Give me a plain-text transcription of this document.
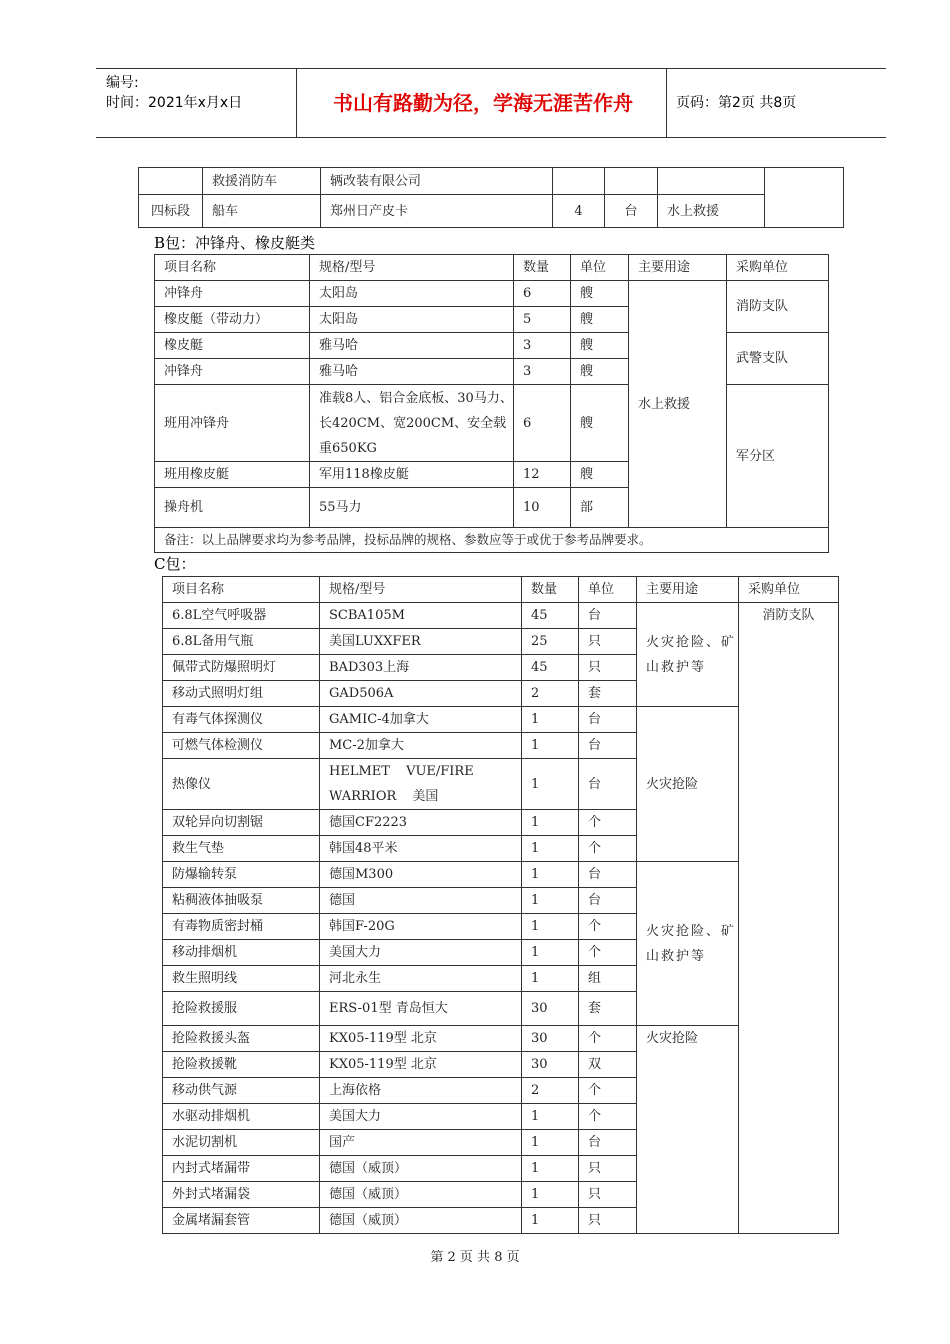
编号:
时间：2021年x月x日	书山有路勤为径，学海无涯苦作舟	页码：第2页 共8页
	救援消防车	辆改装有限公司				
四标段	船车	郑州日产皮卡	4	台	水上救援	
B包：冲锋舟、橡皮艇类
项目名称	规格/型号	数量	单位	主要用途	采购单位
冲锋舟	太阳岛	6	艘	水上救援	消防支队
橡皮艇（带动力）	太阳岛	5	艘		
橡皮艇	雅马哈	3	艘		武警支队
冲锋舟	雅马哈	3	艘		
班用冲锋舟	准载8人、铝合金底板、30马力、长420CM、宽200CM、安全载重650KG	6	艘		军分区
班用橡皮艇	军用118橡皮艇	12	艘		
操舟机	55马力	10	部		
备注：以上品牌要求均为参考品牌，投标品牌的规格、参数应等于或优于参考品牌要求。					
C包：
项目名称	规格/型号	数量	单位	主要用途	采购单位
6.8L空气呼吸器	SCBA105M	45	台	火灾抢险、矿山救护等	消防支队
6.8L备用气瓶	美国LUXXFER	25	只		
佩带式防爆照明灯	BAD303上海	45	只		
移动式照明灯组	GAD506A	2	套		
有毒气体探测仪	GAMIC-4加拿大	1	台	火灾抢险	
可燃气体检测仪	MC-2加拿大	1	台		
热像仪	HELMET VUE/FIRE WARRIOR 美国	1	台		
双轮异向切割锯	德国CF2223	1	个		
救生气垫	韩国48平米	1	个		
防爆输转泵	德国M300	1	台	火灾抢险、矿山救护等	
粘稠液体抽吸泵	德国	1	台		
有毒物质密封桶	韩国F-20G	1	个		
移动排烟机	美国大力	1	个		
救生照明线	河北永生	1	组		
抢险救援服	ERS-01型 青岛恒大	30	套		
抢险救援头盔	KX05-119型 北京	30	个	火灾抢险	
抢险救援靴	KX05-119型 北京	30	双		
移动供气源	上海依格	2	个		
水驱动排烟机	美国大力	1	个		
水泥切割机	国产	1	台		
内封式堵漏带	德国（威顶）	1	只		
外封式堵漏袋	德国（威顶）	1	只		
金属堵漏套管	德国（威顶）	1	只		
第 2 页 共 8 页
